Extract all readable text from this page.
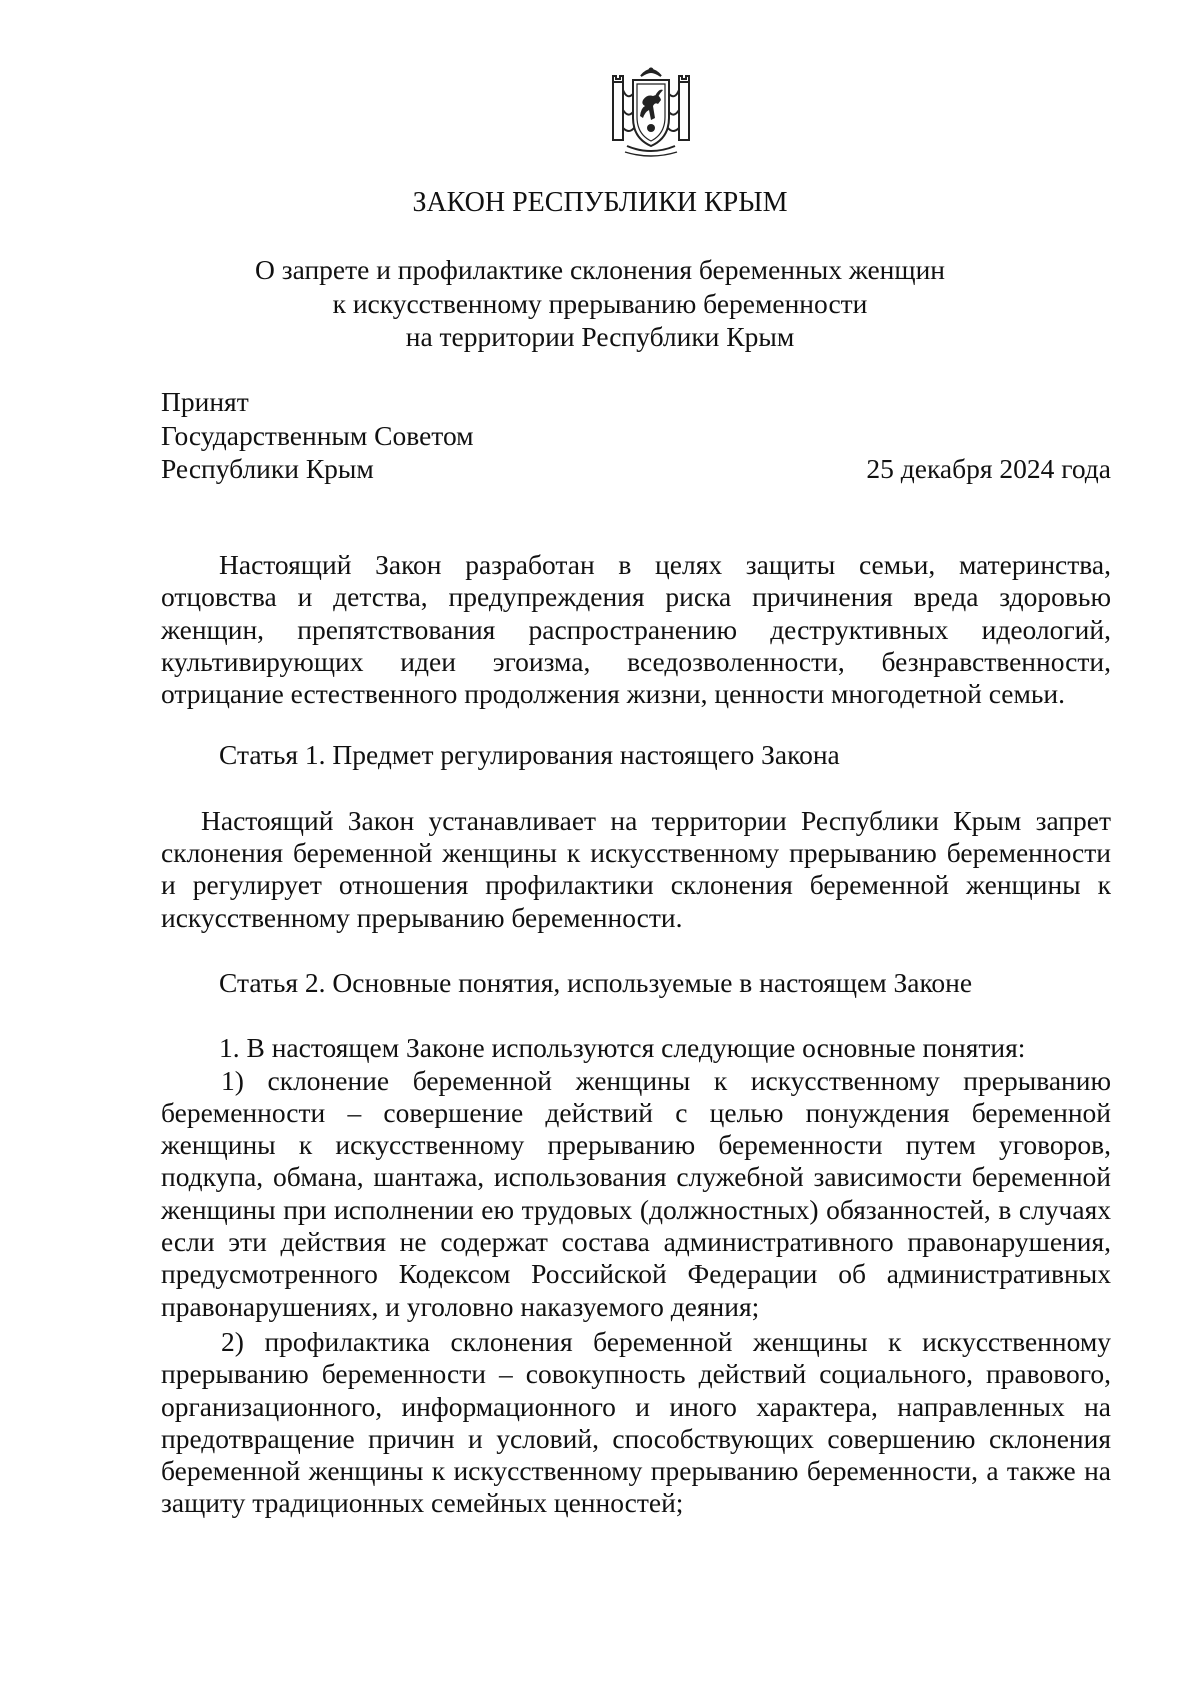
ЗАКОН РЕСПУБЛИКИ КРЫМ
О запрете и профилактике склонения беременных женщин
к искусственному прерыванию беременности
на территории Республики Крым
Принят
Государственным Советом
Республики Крым	25 декабря 2024 года
Настоящий Закон разработан в целях защиты семьи, материнства, отцовства и детства, предупреждения риска причинения вреда здоровью женщин, препятствования распространению деструктивных идеологий, культивирующих идеи эгоизма, вседозволенности, безнравственности, отрицание естественного продолжения жизни, ценности многодетной семьи.
Статья 1. Предмет регулирования настоящего Закона
Настоящий Закон устанавливает на территории Республики Крым запрет склонения беременной женщины к искусственному прерыванию беременности и регулирует отношения профилактики склонения беременной женщины к искусственному прерыванию беременности.
Статья 2. Основные понятия, используемые в настоящем Законе
1. В настоящем Законе используются следующие основные понятия:
1) склонение беременной женщины к искусственному прерыванию беременности – совершение действий с целью понуждения беременной женщины к искусственному прерыванию беременности путем уговоров, подкупа, обмана, шантажа, использования служебной зависимости беременной женщины при исполнении ею трудовых (должностных) обязанностей, в случаях если эти действия не содержат состава административного правонарушения, предусмотренного Кодексом Российской Федерации об административных правонарушениях, и уголовно наказуемого деяния;
2) профилактика склонения беременной женщины к искусственному прерыванию беременности – совокупность действий социального, правового, организационного, информационного и иного характера, направленных на предотвращение причин и условий, способствующих совершению склонения беременной женщины к искусственному прерыванию беременности, а также на защиту традиционных семейных ценностей;
